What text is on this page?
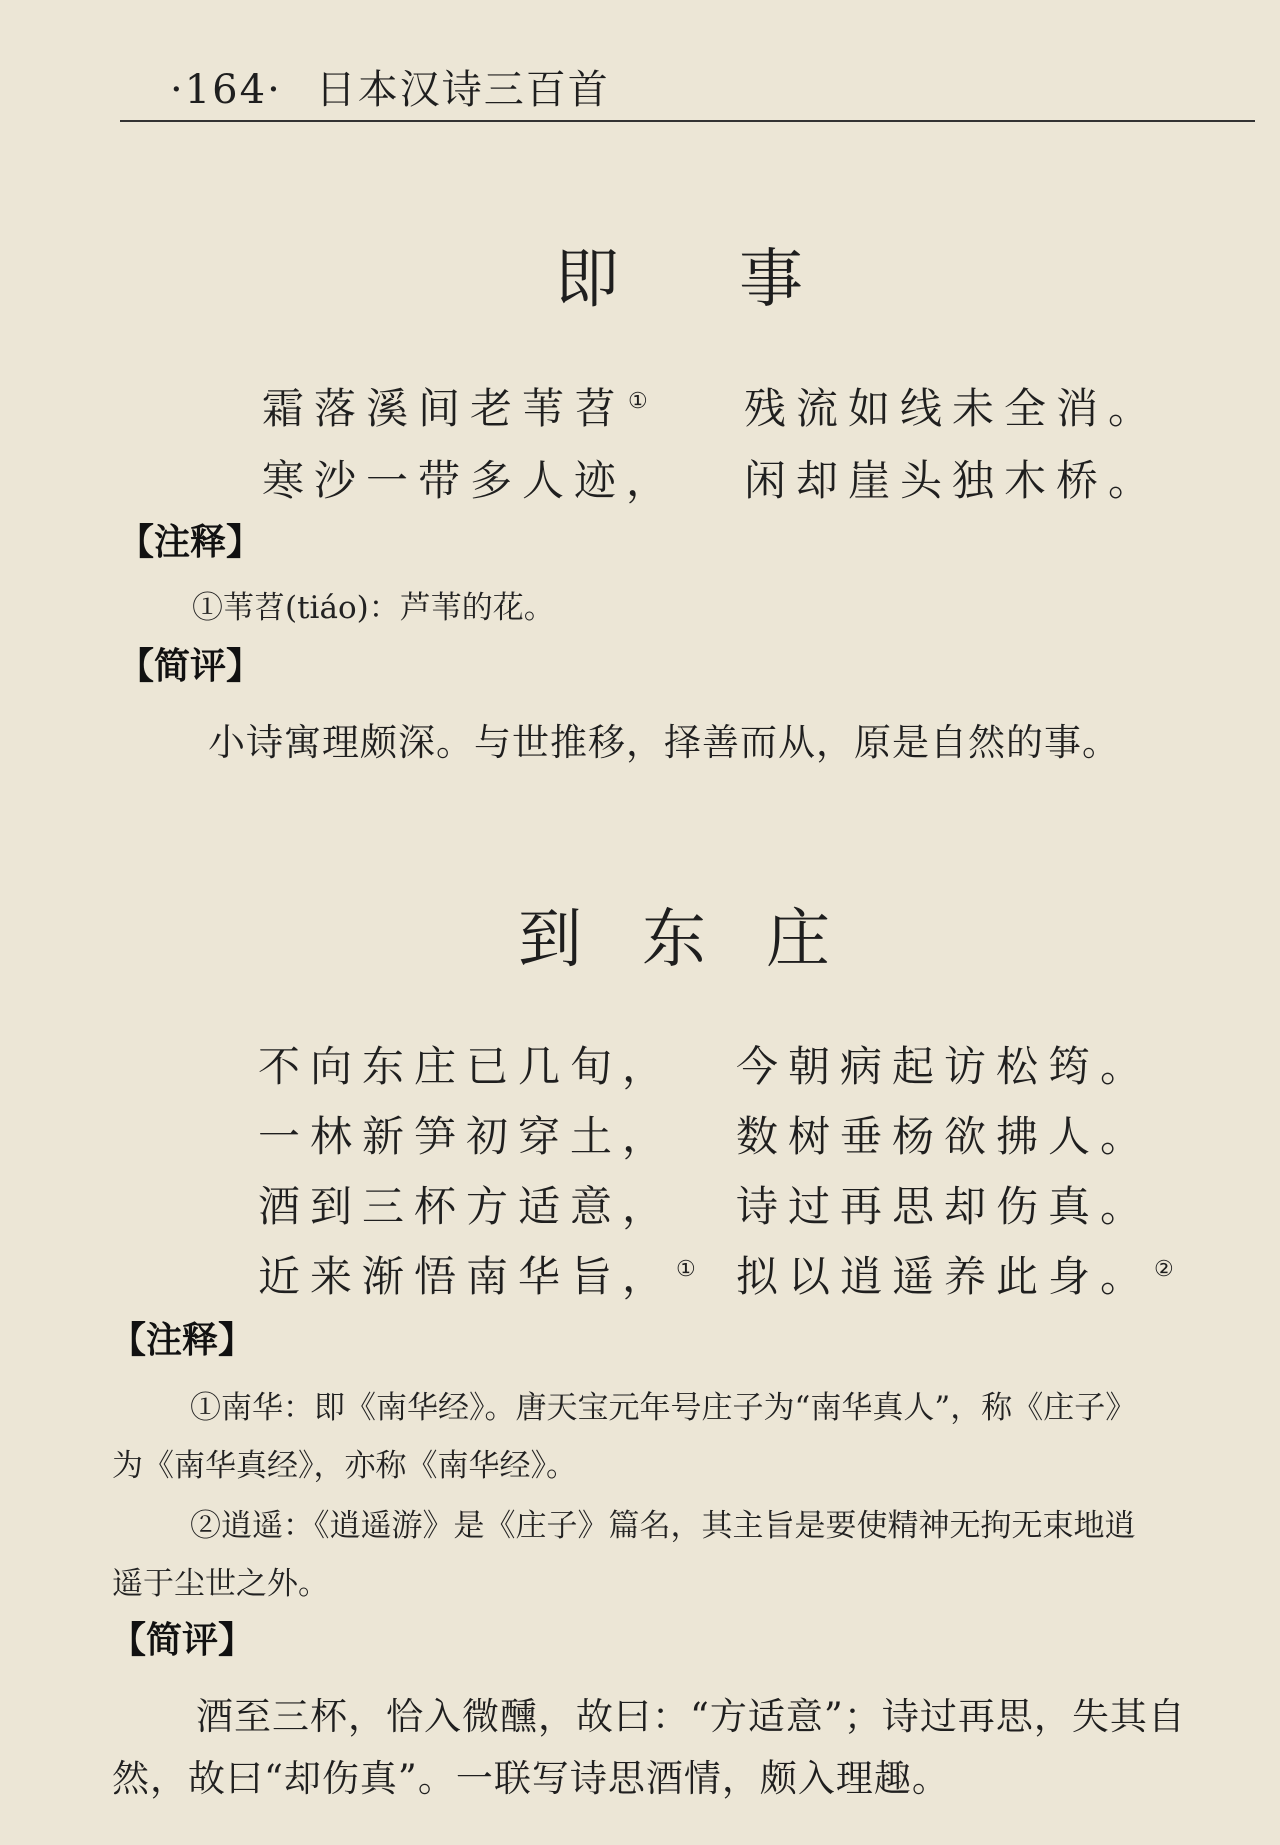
·164· 日本汉诗三百首
即 事
霜落溪间老苇苕① 残流如线未全消。
寒沙一带多人迹， 闲却崖头独木桥。
【注释】
①苇苕(tiáo)：芦苇的花。
【简评】
小诗寓理颇深。与世推移，择善而从，原是自然的事。
到 东 庄
不向东庄已几旬， 今朝病起访松筠。
一林新笋初穿土， 数树垂杨欲拂人。
酒到三杯方适意， 诗过再思却伤真。
近来渐悟南华旨，① 拟以逍遥养此身。②
【注释】
①南华：即《南华经》。唐天宝元年号庄子为“南华真人”，称《庄子》
为《南华真经》，亦称《南华经》。
②逍遥：《逍遥游》是《庄子》篇名，其主旨是要使精神无拘无束地逍
遥于尘世之外。
【简评】
酒至三杯，恰入微醺，故曰：“方适意”；诗过再思，失其自
然，故曰“却伤真”。一联写诗思酒情，颇入理趣。
